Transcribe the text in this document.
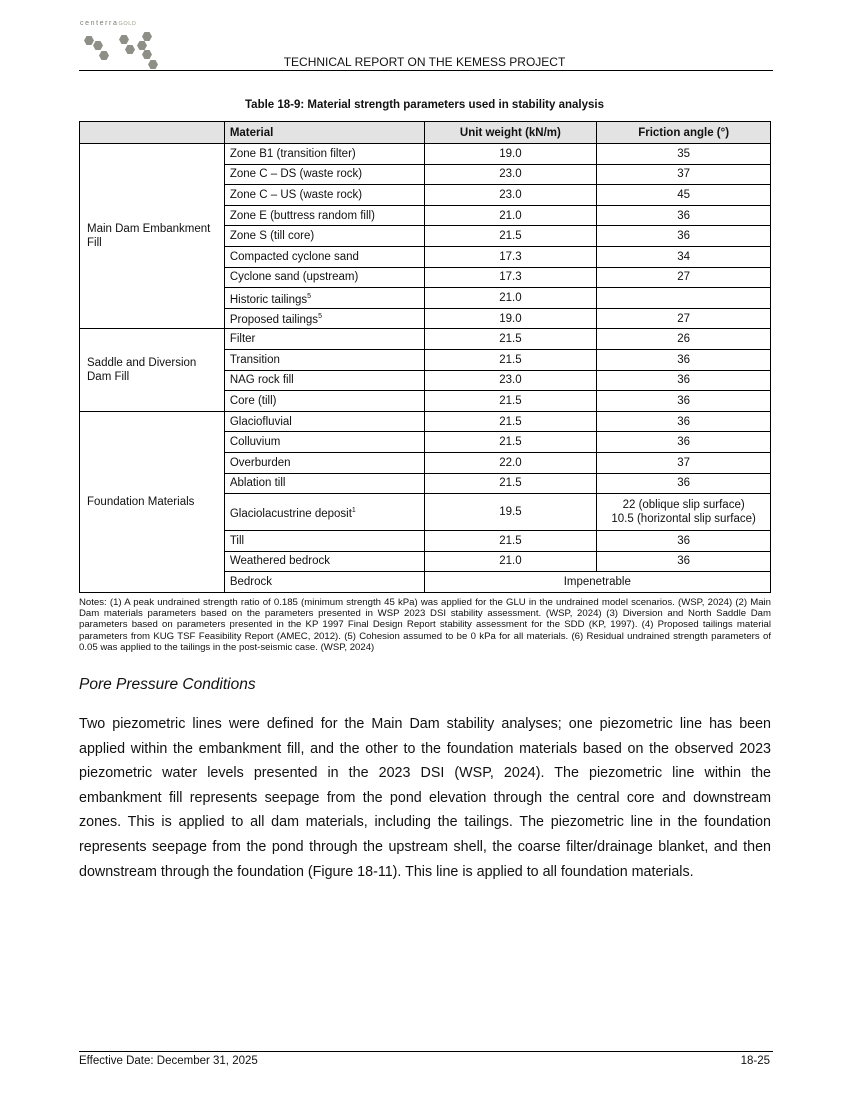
centerraGOLD
TECHNICAL REPORT ON THE KEMESS PROJECT
Table 18-9: Material strength parameters used in stability analysis
	Material	Unit weight (kN/m)	Friction angle (°)
Main Dam Embankment Fill	Zone B1 (transition filter)	19.0	35
	Zone C – DS (waste rock)	23.0	37
	Zone C – US (waste rock)	23.0	45
	Zone E (buttress random fill)	21.0	36
	Zone S (till core)	21.5	36
	Compacted cyclone sand	17.3	34
	Cyclone sand (upstream)	17.3	27
	Historic tailings$^5$	21.0	
	Proposed tailings$^5$	19.0	27
Saddle and Diversion Dam Fill	Filter	21.5	26
	Transition	21.5	36
	NAG rock fill	23.0	36
	Core (till)	21.5	36
Foundation Materials	Glaciofluvial	21.5	36
	Colluvium	21.5	36
	Overburden	22.0	37
	Ablation till	21.5	36
	Glaciolacustrine deposit$^1$	19.5	22 (oblique slip surface)
10.5 (horizontal slip surface)

	Till	21.5	36
	Weathered bedrock	21.0	36
	Bedrock	Impenetrable	
Notes: (1) A peak undrained strength ratio of 0.185 (minimum strength 45 kPa) was applied for the GLU in the undrained model scenarios. (WSP, 2024) (2) Main Dam materials parameters based on the parameters presented in WSP 2023 DSI stability assessment. (WSP, 2024) (3) Diversion and North Saddle Dam parameters based on parameters presented in the KP 1997 Final Design Report stability assessment for the SDD (KP, 1997). (4) Proposed tailings material parameters from KUG TSF Feasibility Report (AMEC, 2012). (5) Cohesion assumed to be 0 kPa for all materials. (6) Residual undrained strength parameters of 0.05 was applied to the tailings in the post-seismic case. (WSP, 2024)
Pore Pressure Conditions
Two piezometric lines were defined for the Main Dam stability analyses; one piezometric line has been applied within the embankment fill, and the other to the foundation materials based on the observed 2023 piezometric water levels presented in the 2023 DSI (WSP, 2024). The piezometric line within the embankment fill represents seepage from the pond elevation through the central core and downstream zones. This is applied to all dam materials, including the tailings. The piezometric line in the foundation represents seepage from the pond through the upstream shell, the coarse filter/drainage blanket, and then downstream through the foundation (Figure 18-11). This line is applied to all foundation materials.
Effective Date: December 31, 2025	18-25
